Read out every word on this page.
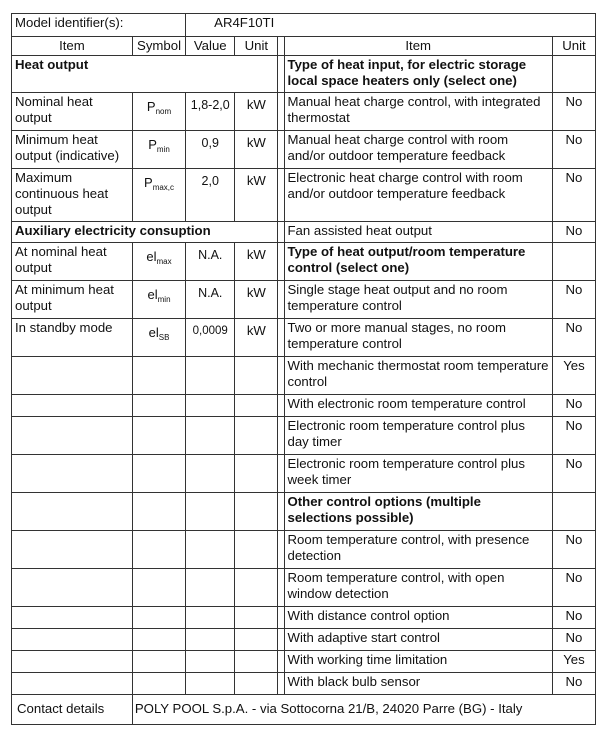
Model identifier(s):		AR4F10TI				
Item	Symbol	Value	Unit		Item	Unit
Heat output					Type of heat input, for electric storage local space heaters only (select one)	
Nominal heat output	$P_{nom}$	1,8-2,0	kW		Manual heat charge control, with integrated thermostat	No
Minimum heat output (indicative)	$P_{min}$	0,9	kW		Manual heat charge control with room and/or outdoor temperature feedback	No
Maximum continuous heat output	$P_{max,c}$	2,0	kW		Electronic heat charge control with room and/or outdoor temperature feedback	No
Auxiliary electricity consuption					Fan assisted heat output	No
At nominal heat output	$el_{max}$	N.A.	kW		Type of heat output/room temperature control (select one)	
At minimum heat output	$el_{min}$	N.A.	kW		Single stage heat output and no room temperature control	No
In standby mode	$el_{SB}$	0,0009	kW		Two or more manual stages, no room temperature control	No
					With mechanic thermostat room temperature control	Yes
					With electronic room temperature control	No
					Electronic room temperature control plus day timer	No
					Electronic room temperature control plus week timer	No
					Other control options (multiple selections possible)	
					Room temperature control, with presence detection	No
					Room temperature control, with open window detection	No
					With distance control option	No
					With adaptive start control	No
					With working time limitation	Yes
					With black bulb sensor	No
Contact details	POLY POOL S.p.A. - via Sottocorna 21/B, 24020 Parre (BG) - Italy					
